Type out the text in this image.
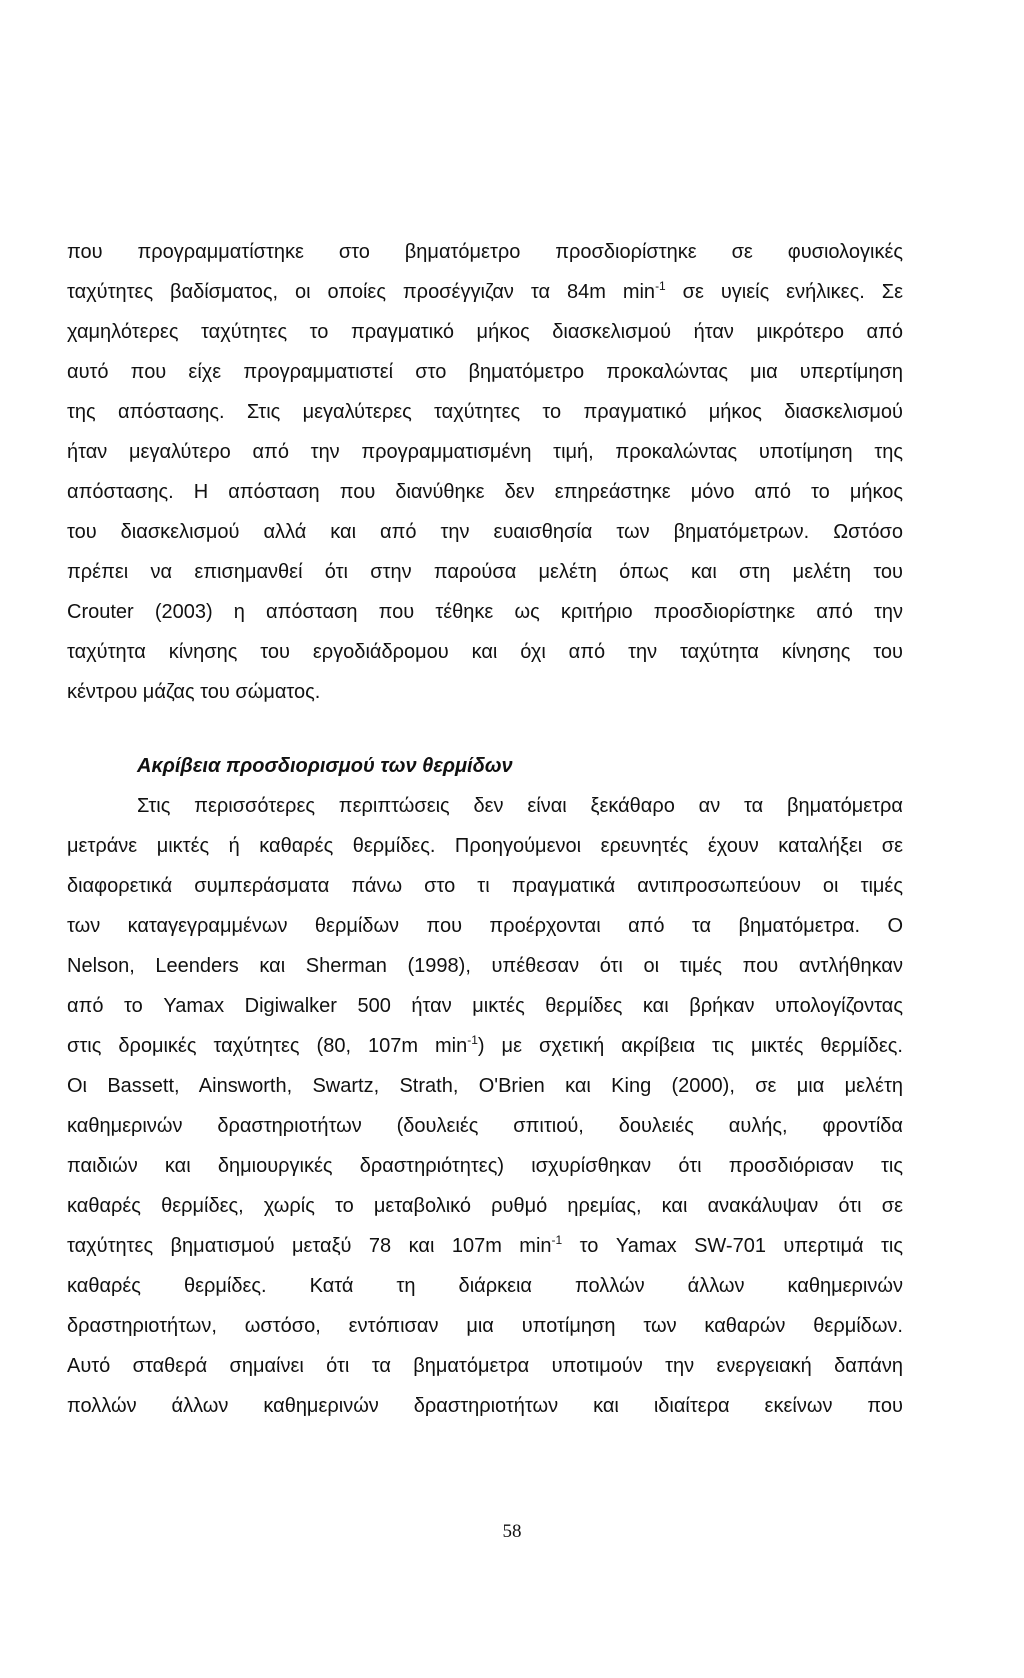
που προγραμματίστηκε στο βηματόμετρο προσδιορίστηκε σε φυσιολογικές
ταχύτητες βαδίσματος, οι οποίες προσέγγιζαν τα 84m $\min^{-1} \sigma\varepsilon$ υγιείς ενήλικες. Σε
χαμηλότερες ταχύτητες το πραγματικό μήκος διασκελισμού ήταν μικρότερο από
αυτό που είχε προγραμματιστεί στο βηματόμετρο προκαλώντας μια υπερτίμηση
της απόστασης. Στις μεγαλύτερες ταχύτητες το πραγματικό μήκος διασκελισμού
ήταν μεγαλύτερο από την προγραμματισμένη τιμή, προκαλώντας υποτίμηση της
απόστασης. Η απόσταση που διανύθηκε δεν επηρεάστηκε μόνο από το μήκος
του διασκελισμού αλλά και από την ευαισθησία των βηματόμετρων. Ωστόσο
πρέπει να επισημανθεί ότι στην παρούσα μελέτη όπως και στη μελέτη του
Crouter (2003) η απόσταση που τέθηκε ως κριτήριο προσδιορίστηκε από την
ταχύτητα κίνησης του εργοδιάδρομου και όχι από την ταχύτητα κίνησης του
κέντρου μάζας του σώματος.
Ακρίβεια προσδιορισμού των θερμίδων
Στις περισσότερες περιπτώσεις δεν είναι ξεκάθαρο αν τα βηματόμετρα
μετράνε μικτές ή καθαρές θερμίδες. Προηγούμενοι ερευνητές έχουν καταλήξει σε
διαφορετικά συμπεράσματα πάνω στο τι πραγματικά αντιπροσωπεύουν οι τιμές
των καταγεγραμμένων θερμίδων που προέρχονται από τα βηματόμετρα. Ο
Nelson, Leenders και Sherman (1998), υπέθεσαν ότι οι τιμές που αντλήθηκαν
από το Yamax Digiwalker 500 ήταν μικτές θερμίδες και βρήκαν υπολογίζοντας
στις δρομικές ταχύτητες (80, 107m $\min^{-1}$) με σχετική ακρίβεια τις μικτές θερμίδες.
Οι Bassett, Ainsworth, Swartz, Strath, O'Brien και King (2000), σε μια μελέτη
καθημερινών δραστηριοτήτων (δουλειές σπιτιού, δουλειές αυλής, φροντίδα
παιδιών και δημιουργικές δραστηριότητες) ισχυρίσθηκαν ότι προσδιόρισαν τις
καθαρές θερμίδες, χωρίς το μεταβολικό ρυθμό ηρεμίας, και ανακάλυψαν ότι σε
ταχύτητες βηματισμού μεταξύ 78 και 107m $\min^{-1} \tau o$ Yamax SW-701 υπερτιμά τις
καθαρές θερμίδες. Κατά τη διάρκεια πολλών άλλων καθημερινών
δραστηριοτήτων, ωστόσο, εντόπισαν μια υποτίμηση των καθαρών θερμίδων.
Αυτό σταθερά σημαίνει ότι τα βηματόμετρα υποτιμούν την ενεργειακή δαπάνη
πολλών άλλων καθημερινών δραστηριοτήτων και ιδιαίτερα εκείνων που
58
